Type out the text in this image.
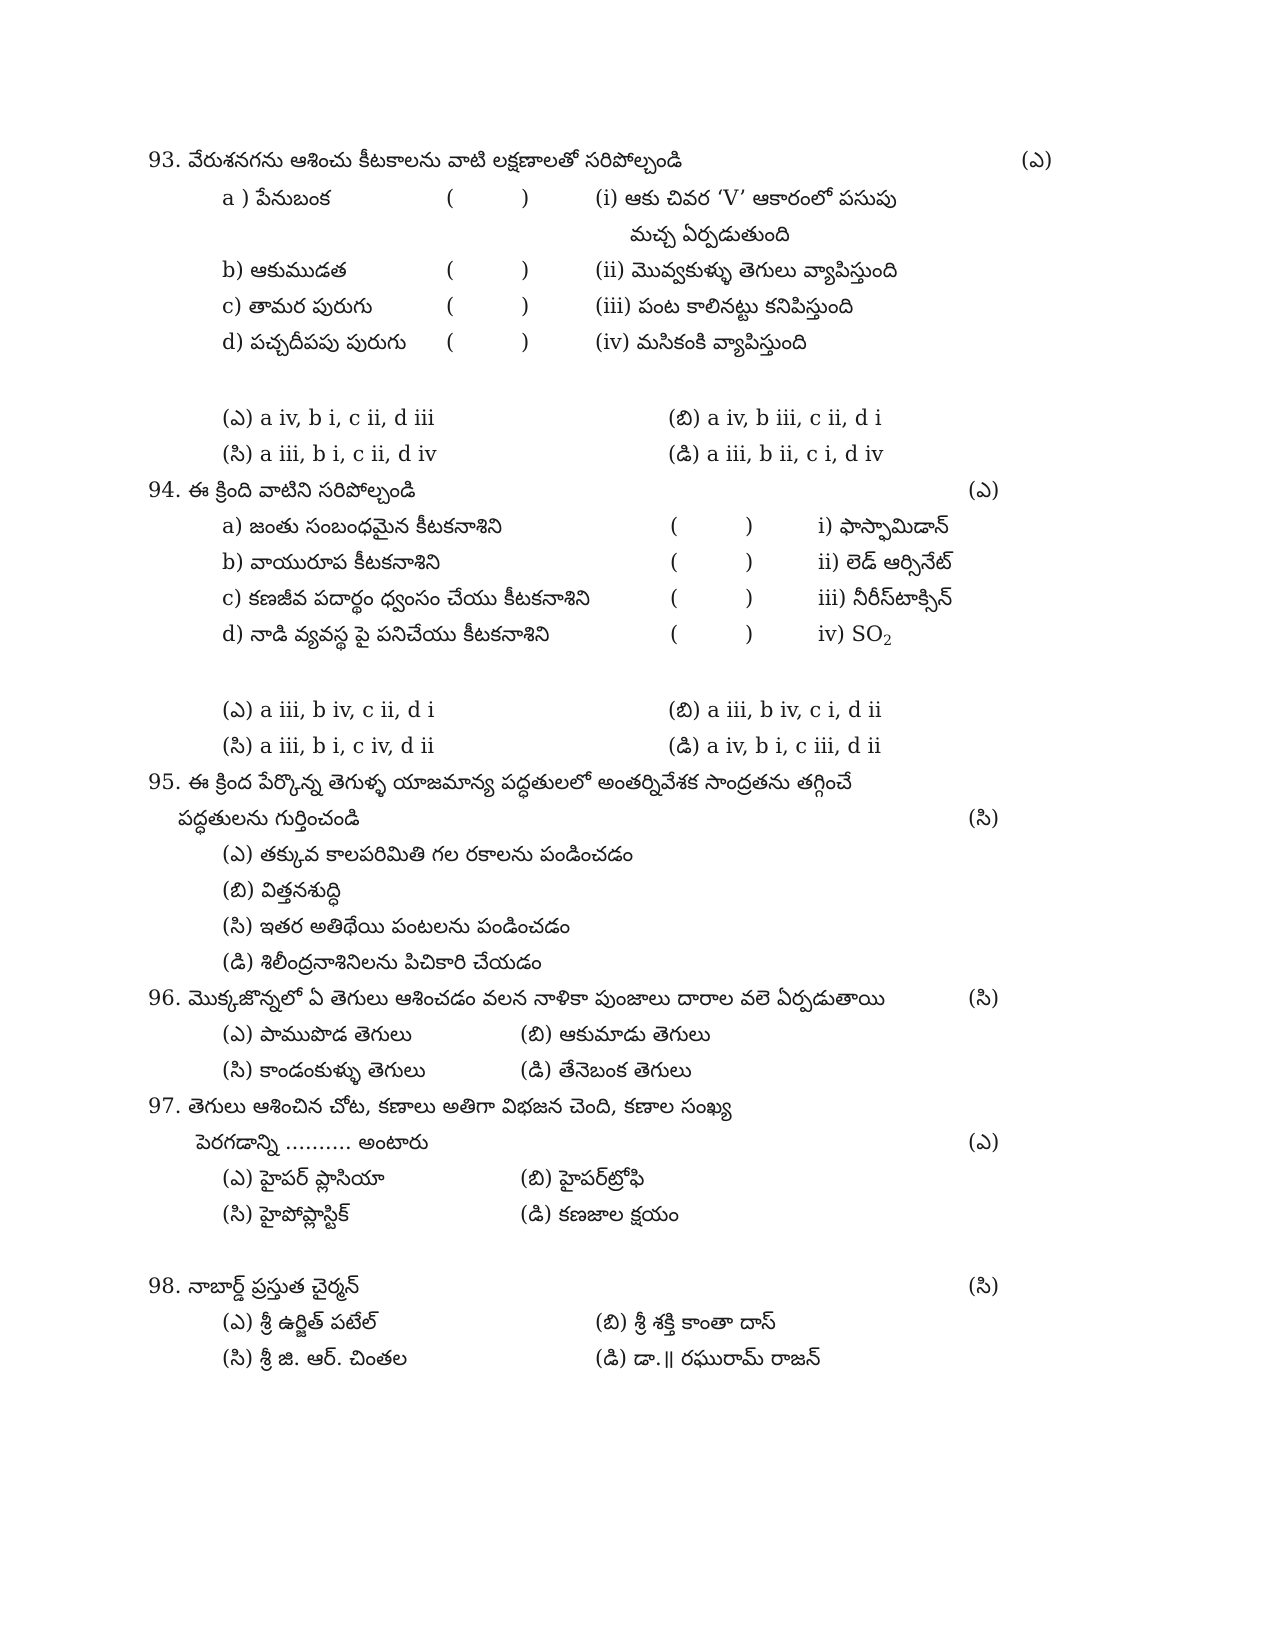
93. వేరుశనగను ఆశించు కీటకాలను వాటి లక్షణాలతో సరిపోల్చండి	(ఎ)
a ) పేనుబంక	(          )	(i) ఆకు చివర ‘V’ ఆకారంలో పసుపు
మచ్చ ఏర్పడుతుంది
b) ఆకుముడత	(          )	(ii) మొవ్వకుళ్ళు తెగులు వ్యాపిస్తుంది
c) తామర పురుగు	(          )	(iii) పంట కాలినట్టు కనిపిస్తుంది
d) పచ్చదీపపు పురుగు (          )	(iv) మసికంకి వ్యాపిస్తుంది
(ఎ) a iv, b i, c ii, d iii	(బి) a iv, b iii, c ii, d i
(సి) a iii, b i, c ii, d iv	(డి) a iii, b ii, c i, d iv
94. ఈ క్రింది వాటిని సరిపోల్చండి	(ఎ)
a) జంతు సంబంధమైన కీటకనాశిని	(          )	i) ఫాస్ఫామిడాన్
b) వాయురూప కీటకనాశిని	(          )	ii) లెడ్ ఆర్సినేట్
c) కణజీవ పదార్థం ధ్వంసం చేయు కీటకనాశిని	(          )	iii) నీరీస్‌టాక్సిన్
d) నాడి వ్యవస్థ పై పనిచేయు కీటకనాశిని	(          )	iv) $SO_2$
(ఎ) a iii, b iv, c ii, d i	(బి) a iii, b iv, c i, d ii
(సి) a iii, b i, c iv, d ii	(డి) a iv, b i, c iii, d ii
95. ఈ క్రింద పేర్కొన్న తెగుళ్ళ యాజమాన్య పద్ధతులలో అంతర్నివేశక సాంద్రతను తగ్గించే
పద్ధతులను గుర్తించండి	(సి)
(ఎ) తక్కువ కాలపరిమితి గల రకాలను పండించడం
(బి) విత్తనశుద్ధి
(సి) ఇతర అతిథేయి పంటలను పండించడం
(డి) శిలీంద్రనాశినిలను పిచికారి చేయడం
96. మొక్కజొన్నలో ఏ తెగులు ఆశించడం వలన నాళికా పుంజాలు దారాల వలె ఏర్పడుతాయి	(సి)
(ఎ) పాముపొడ తెగులు	(బి) ఆకుమాడు తెగులు
(సి) కాండంకుళ్ళు తెగులు	(డి) తేనెబంక తెగులు
97. తెగులు ఆశించిన చోట, కణాలు అతిగా విభజన చెంది, కణాల సంఖ్య
పెరగడాన్ని .......... అంటారు	(ఎ)
(ఎ) హైపర్ ప్లాసియా	(బి) హైపర్‌ట్రోఫి
(సి) హైపోప్లాస్టిక్	(డి) కణజాల క్షయం
98. నాబార్డ్ ప్రస్తుత చైర్మన్	(సి)
(ఎ) శ్రీ ఉర్జిత్ పటేల్	(బి) శ్రీ శక్తి కాంతా దాస్
(సి) శ్రీ జి. ఆర్. చింతల	(డి) డా.॥ రఘురామ్ రాజన్
